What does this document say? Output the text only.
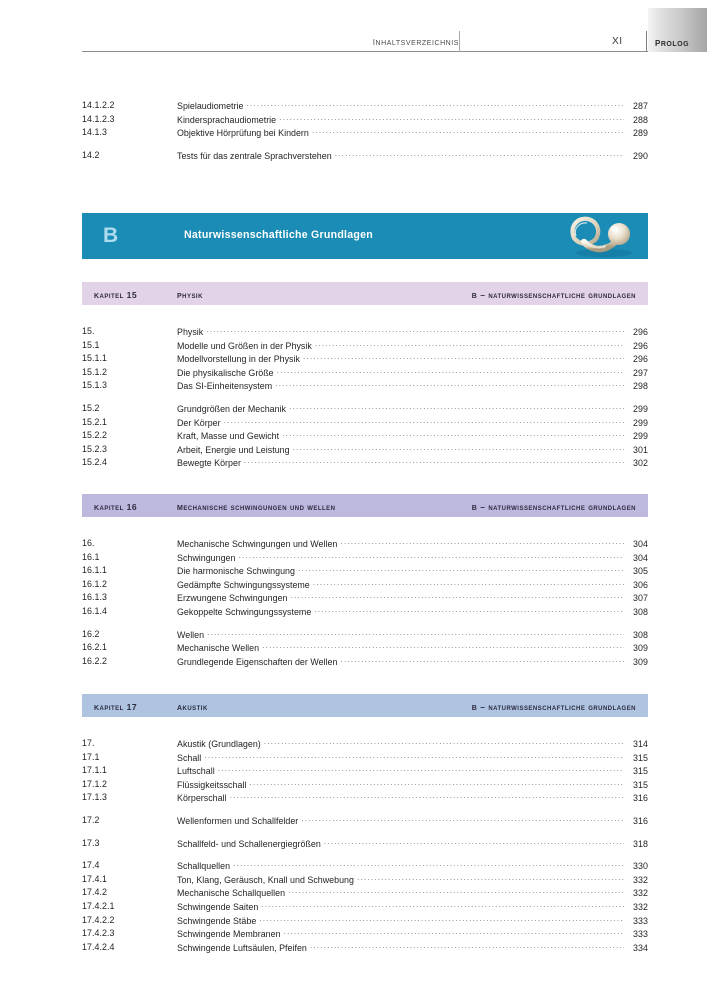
inhaltsverzeichnis	XI	prolog
14.1.2.2	Spielaudiometrie .....	287
14.1.2.3	Kindersprachaudiometrie .....	288
14.1.3	Objektive Hörprüfung bei Kindern .....	289
14.2	Tests für das zentrale Sprachverstehen .....	290
B	Naturwissenschaftliche Grundlagen
kapitel 15	physik	b – naturwissenschaftliche grundlagen
15.	Physik .....	296
15.1	Modelle und Größen in der Physik .....	296
15.1.1	Modellvorstellung in der Physik .....	296
15.1.2	Die physikalische Größe .....	297
15.1.3	Das SI-Einheitensystem .....	298
15.2	Grundgrößen der Mechanik .....	299
15.2.1	Der Körper .....	299
15.2.2	Kraft, Masse und Gewicht .....	299
15.2.3	Arbeit, Energie und Leistung .....	301
15.2.4	Bewegte Körper .....	302
kapitel 16	mechanische schwingungen und wellen	b – naturwissenschaftliche grundlagen
16.	Mechanische Schwingungen und Wellen .....	304
16.1	Schwingungen .....	304
16.1.1	Die harmonische Schwingung .....	305
16.1.2	Gedämpfte Schwingungssysteme .....	306
16.1.3	Erzwungene Schwingungen .....	307
16.1.4	Gekoppelte Schwingungssysteme .....	308
16.2	Wellen .....	308
16.2.1	Mechanische Wellen .....	309
16.2.2	Grundlegende Eigenschaften der Wellen .....	309
kapitel 17	akustik	b – naturwissenschaftliche grundlagen
17.	Akustik (Grundlagen) .....	314
17.1	Schall .....	315
17.1.1	Luftschall .....	315
17.1.2	Flüssigkeitsschall .....	315
17.1.3	Körperschall .....	316
17.2	Wellenformen und Schallfelder .....	316
17.3	Schallfeld- und Schallenergiegrößen .....	318
17.4	Schallquellen .....	330
17.4.1	Ton, Klang, Geräusch, Knall und Schwebung .....	332
17.4.2	Mechanische Schallquellen .....	332
17.4.2.1	Schwingende Saiten .....	332
17.4.2.2	Schwingende Stäbe .....	333
17.4.2.3	Schwingende Membranen .....	333
17.4.2.4	Schwingende Luftsäulen, Pfeifen .....	334
